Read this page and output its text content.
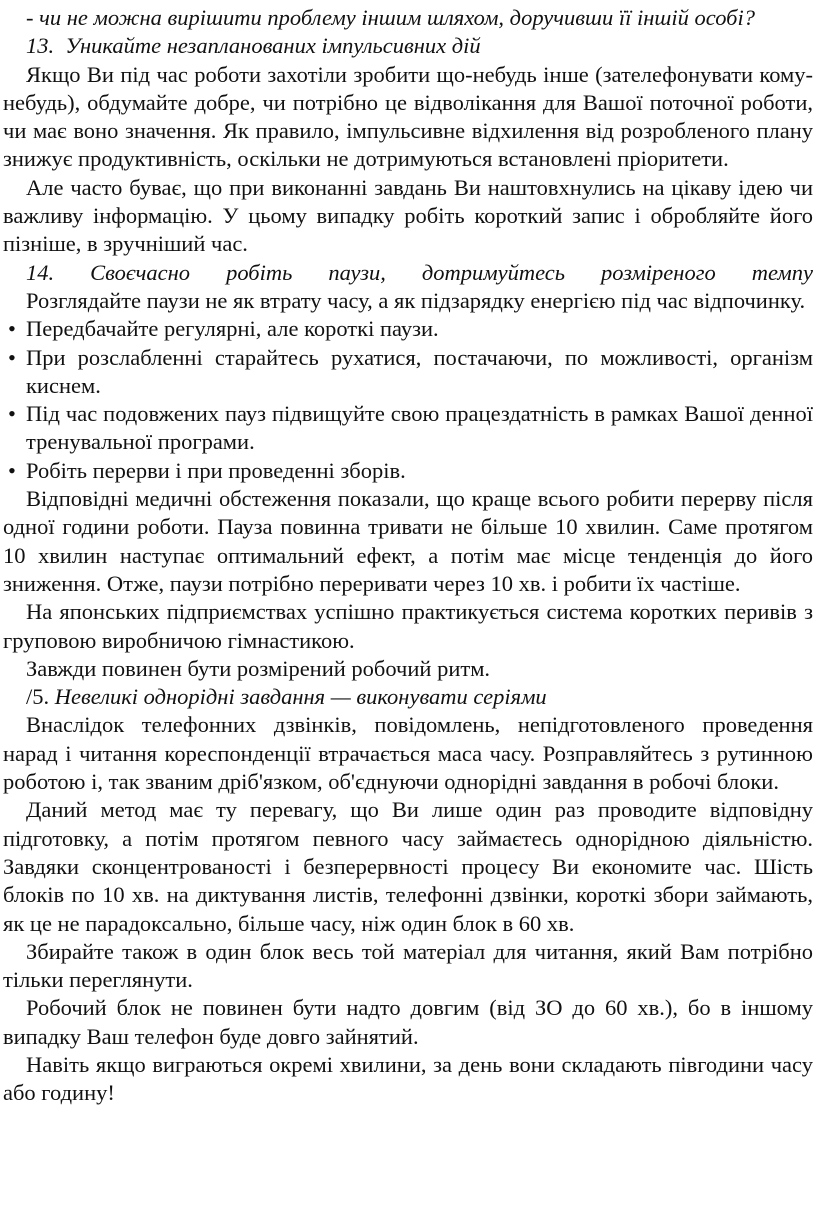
- чи не можна вирішити проблему іншим шляхом, доручивши її іншій особі?

13. Уникайте незапланованих імпульсивних дій

Якщо Ви під час роботи захотіли зробити що-небудь інше (зателефонувати кому-небудь), обдумайте добре, чи потрібно це відволікання для Вашої поточної роботи, чи має воно значення. Як правило, імпульсивне відхилення від розробленого плану знижує продуктивність, оскільки не дотримуються встановлені пріоритети.

Але часто буває, що при виконанні завдань Ви наштовхнулись на цікаву ідею чи важливу інформацію. У цьому випадку робіть короткий запис і обробляйте його пізніше, в зручніший час.

14. Своєчасно робіть паузи, дотримуйтесь розміреного темпу

Розглядайте паузи не як втрату часу, а як підзарядку енергією під час відпочинку.

• Передбачайте регулярні, але короткі паузи.
• При розслабленні старайтесь рухатися, постачаючи, по можливості, організм киснем.
• Під час подовжених пауз підвищуйте свою працездатність в рамках Вашої денної тренувальної програми.
• Робіть перерви і при проведенні зборів.

Відповідні медичні обстеження показали, що краще всього робити перерву після одної години роботи. Пауза повинна тривати не більше 10 хвилин. Саме протягом 10 хвилин наступає оптимальний ефект, а потім має місце тенденція до його зниження. Отже, паузи потрібно переривати через 10 хв. і робити їх частіше.

На японських підприємствах успішно практикується система коротких перивів з груповою виробничою гімнастикою.

Завжди повинен бути розмірений робочий ритм.

/5. Невеликі однорідні завдання — виконувати серіями

Внаслідок телефонних дзвінків, повідомлень, непідготовленого проведення нарад і читання кореспонденції втрачається маса часу. Розправляйтесь з рутинною роботою і, так званим дріб'язком, об'єднуючи однорідні завдання в робочі блоки.

Даний метод має ту перевагу, що Ви лише один раз проводите відповідну підготовку, а потім протягом певного часу займаєтесь однорідною діяльністю. Завдяки сконцентрованості і безперервності процесу Ви економите час. Шість блоків по 10 хв. на диктування листів, телефонні дзвінки, короткі збори займають, як це не парадоксально, більше часу, ніж один блок в 60 хв.

Збирайте також в один блок весь той матеріал для читання, який Вам потрібно тільки переглянути.

Робочий блок не повинен бути надто довгим (від ЗО до 60 хв.), бо в іншому випадку Ваш телефон буде довго зайнятий.

Навіть якщо виграються окремі хвилини, за день вони складають півгодини часу або годину!
